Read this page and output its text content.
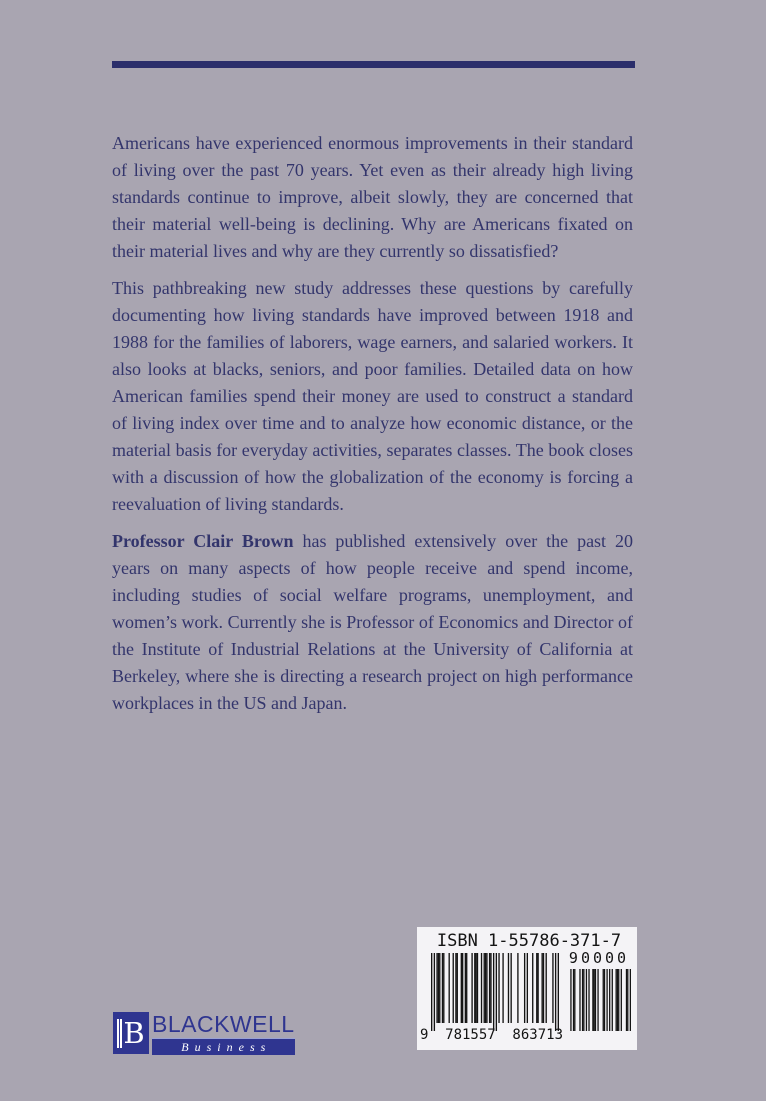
Americans have experienced enormous improvements in their standard of living over the past 70 years. Yet even as their already high living standards continue to improve, albeit slowly, they are concerned that their material well-being is declining. Why are Americans fixated on their material lives and why are they currently so dissatisfied?

This pathbreaking new study addresses these questions by carefully documenting how living standards have improved between 1918 and 1988 for the families of laborers, wage earners, and salaried workers. It also looks at blacks, seniors, and poor families. Detailed data on how American families spend their money are used to construct a standard of living index over time and to analyze how economic distance, or the material basis for everyday activities, separates classes. The book closes with a discussion of how the globalization of the economy is forcing a reevaluation of living standards.

Professor Clair Brown has published extensively over the past 20 years on many aspects of how people receive and spend income, including studies of social welfare programs, unemployment, and women’s work. Currently she is Professor of Economics and Director of the Institute of Industrial Relations at the University of California at Berkeley, where she is directing a research project on high performance workplaces in the US and Japan.

ISBN 1-55786-371-7
9 781557 863713
90000
B BLACKWELL
Business
